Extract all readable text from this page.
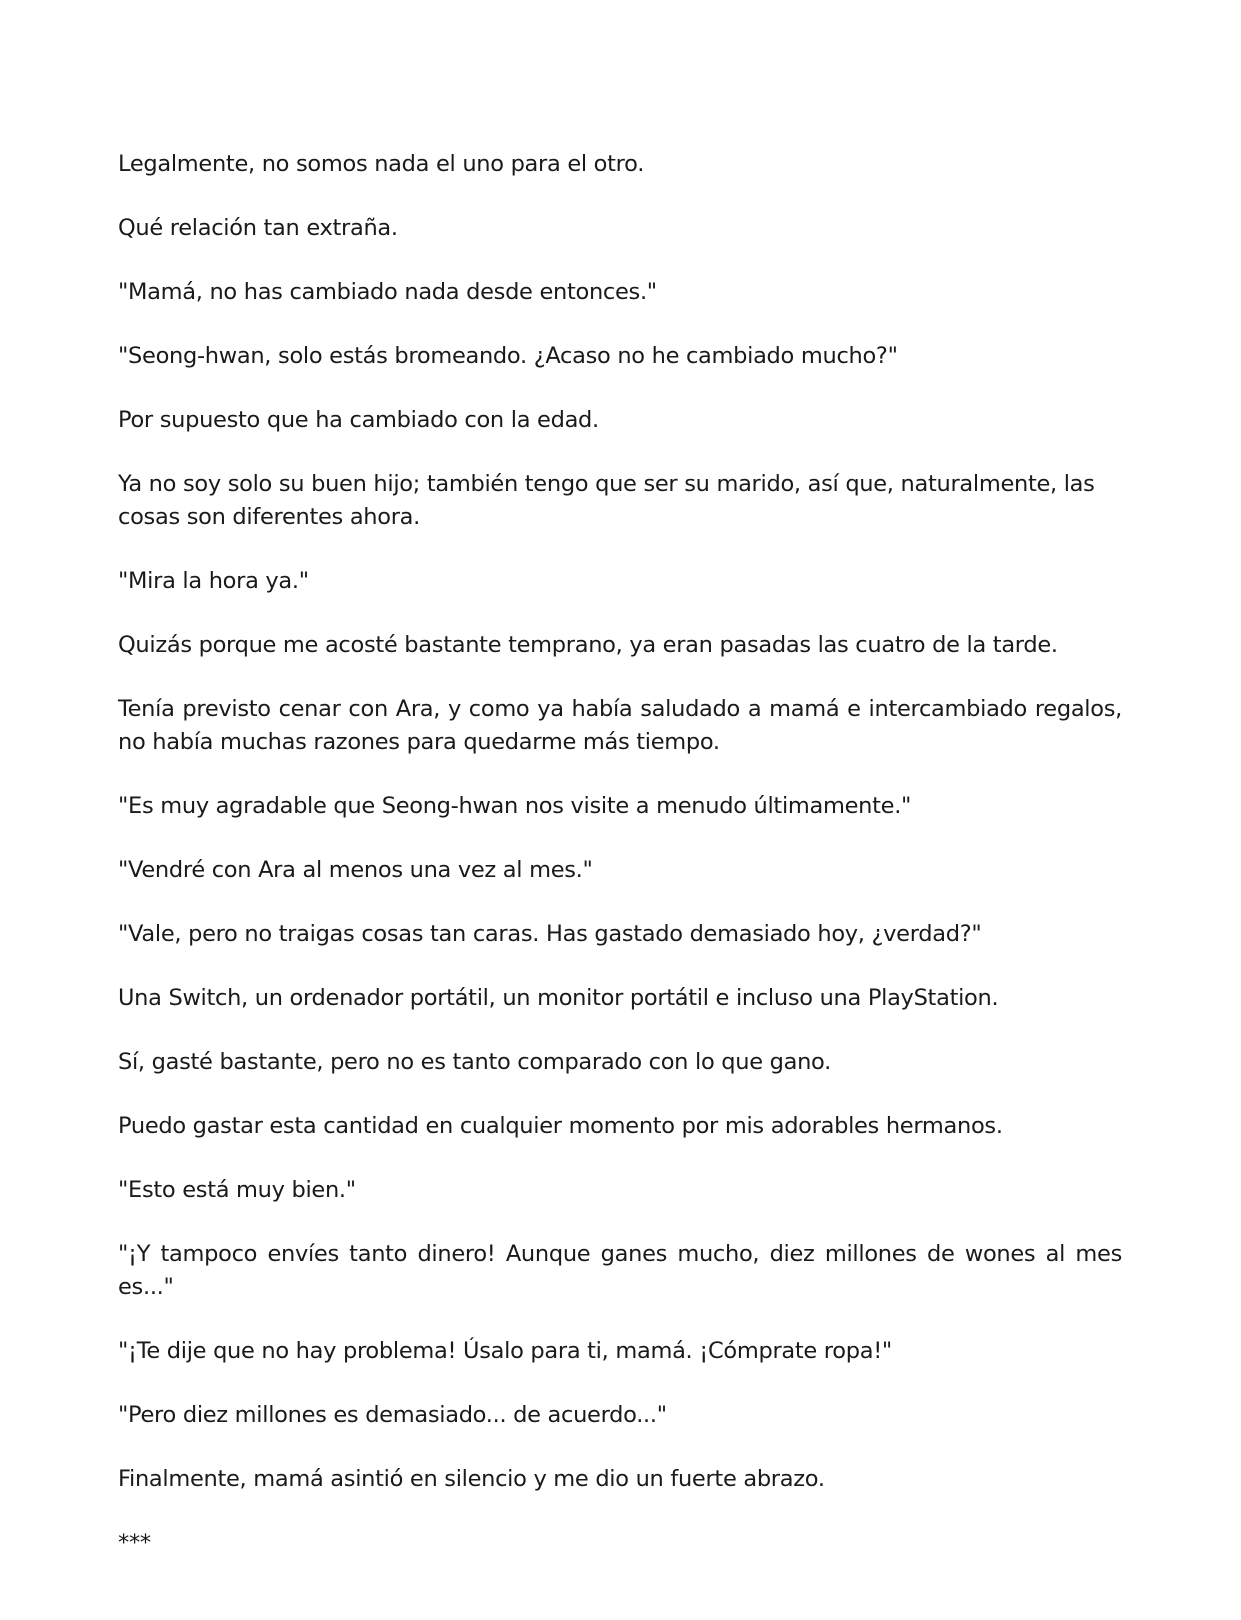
Legalmente, no somos nada el uno para el otro.

Qué relación tan extraña.

"Mamá, no has cambiado nada desde entonces."

"Seong-hwan, solo estás bromeando. ¿Acaso no he cambiado mucho?"

Por supuesto que ha cambiado con la edad.

Ya no soy solo su buen hijo; también tengo que ser su marido, así que, naturalmente, las cosas son diferentes ahora.

"Mira la hora ya."

Quizás porque me acosté bastante temprano, ya eran pasadas las cuatro de la tarde.

Tenía previsto cenar con Ara, y como ya había saludado a mamá e intercambiado regalos, no había muchas razones para quedarme más tiempo.

"Es muy agradable que Seong-hwan nos visite a menudo últimamente."

"Vendré con Ara al menos una vez al mes."

"Vale, pero no traigas cosas tan caras. Has gastado demasiado hoy, ¿verdad?"

Una Switch, un ordenador portátil, un monitor portátil e incluso una PlayStation.

Sí, gasté bastante, pero no es tanto comparado con lo que gano.

Puedo gastar esta cantidad en cualquier momento por mis adorables hermanos.

"Esto está muy bien."

"¡Y tampoco envíes tanto dinero! Aunque ganes mucho, diez millones de wones al mes es..."

"¡Te dije que no hay problema! Úsalo para ti, mamá. ¡Cómprate ropa!"

"Pero diez millones es demasiado... de acuerdo..."

Finalmente, mamá asintió en silencio y me dio un fuerte abrazo.

***
